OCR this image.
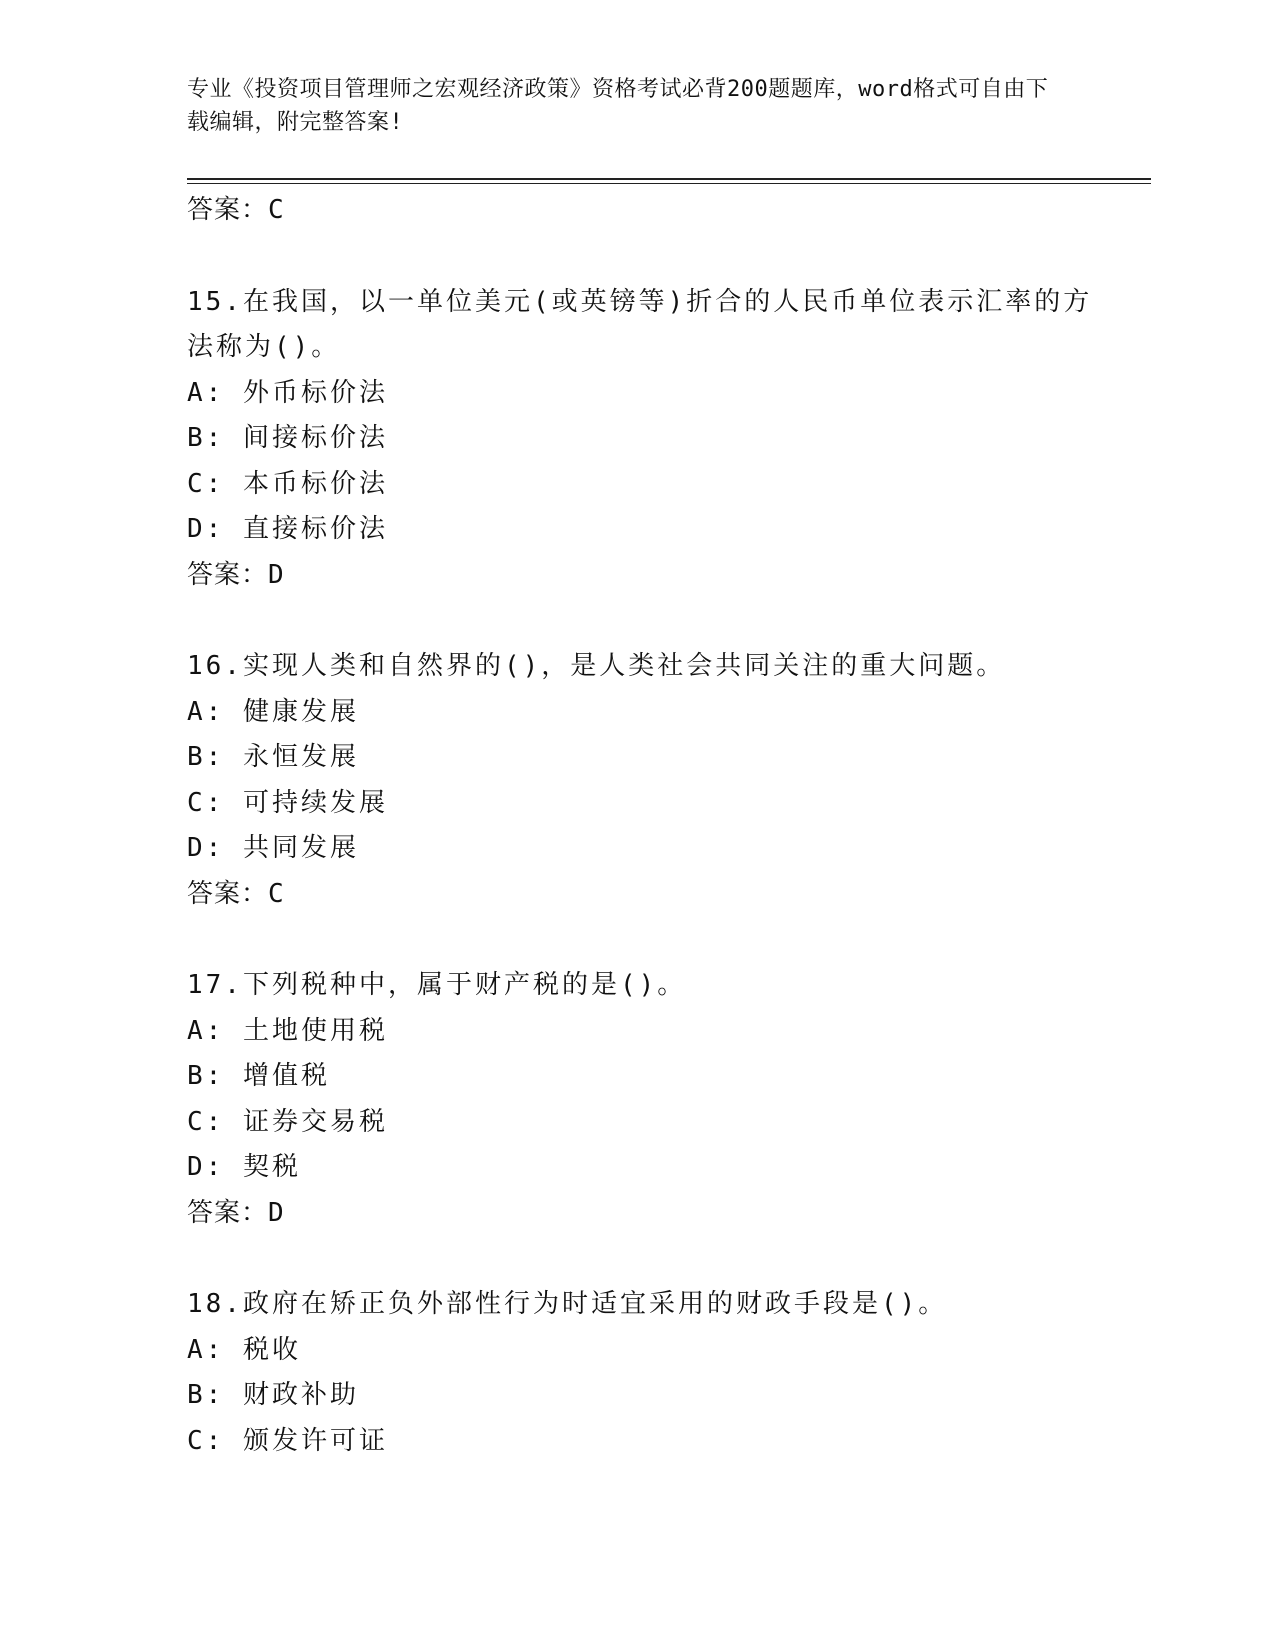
专业《投资项目管理师之宏观经济政策》资格考试必背200题题库，word格式可自由下载编辑，附完整答案!
答案：C
15.在我国，以一单位美元(或英镑等)折合的人民币单位表示汇率的方法称为()。
A: 外币标价法
B: 间接标价法
C: 本币标价法
D: 直接标价法
答案：D
16.实现人类和自然界的()，是人类社会共同关注的重大问题。
A: 健康发展
B: 永恒发展
C: 可持续发展
D: 共同发展
答案：C
17.下列税种中，属于财产税的是()。
A: 土地使用税
B: 增值税
C: 证券交易税
D: 契税
答案：D
18.政府在矫正负外部性行为时适宜采用的财政手段是()。
A: 税收
B: 财政补助
C: 颁发许可证
